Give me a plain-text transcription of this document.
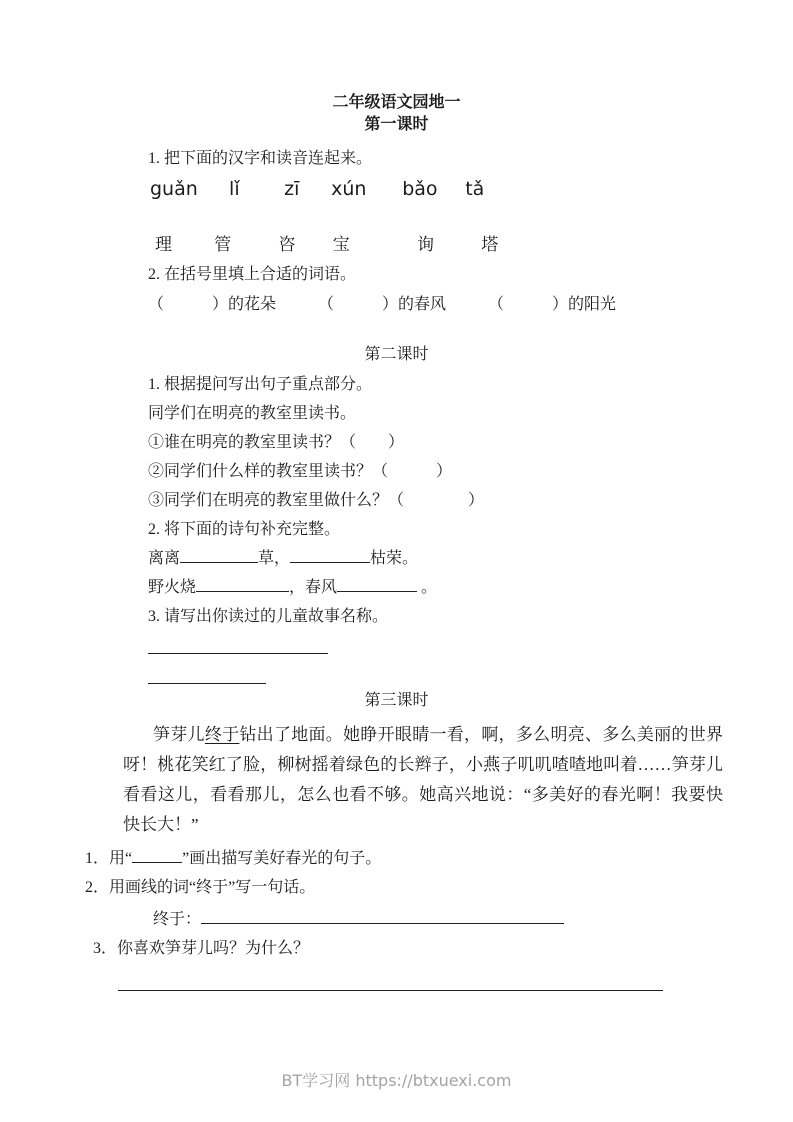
二年级语文园地一
第一课时
1. 把下面的汉字和读音连起来。
guǎn lǐ zī xún bǎo tǎ
理 管	咨 宝	询	塔
2. 在括号里填上合适的词语。
（　　　）的花朵	（　　　）的春风	（　　　）的阳光
第二课时
1. 根据提问写出句子重点部分。
同学们在明亮的教室里读书。
①谁在明亮的教室里读书？（　　）
②同学们什么样的教室里读书？（　　　）
③同学们在明亮的教室里做什么？（　　　　）
2. 将下面的诗句补充完整。
离离	草，	枯荣。
野火烧	，春风	。
3. 请写出你读过的儿童故事名称。
第三课时
笋芽儿终于钻出了地面。她睁开眼睛一看，啊，多么明亮、多么美丽的世界呀！桃花笑红了脸，柳树摇着绿色的长辫子，小燕子叽叽喳喳地叫着……笋芽儿看看这儿，看看那儿，怎么也看不够。她高兴地说：“多美好的春光啊！我要快快长大！”
1．用“	”画出描写美好春光的句子。
2．用画线的词“终于”写一句话。
终于：
3．你喜欢笋芽儿吗？为什么？
BT学习网 https://btxuexi.com
